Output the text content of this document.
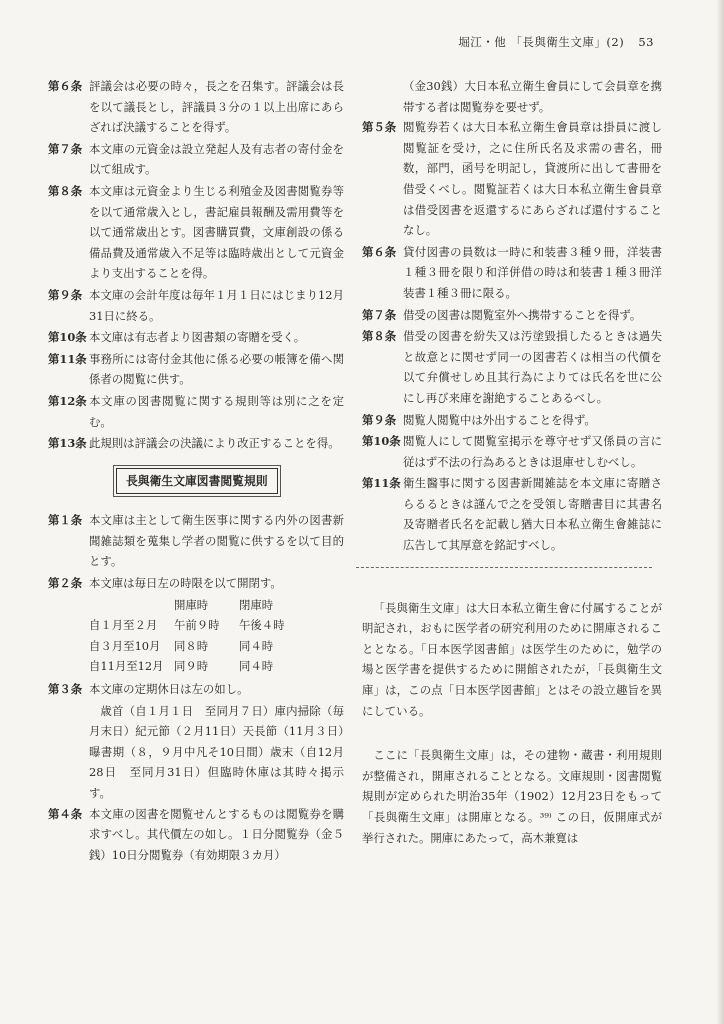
堀江・他 「長與衛生文庫」(2) 53
第６条 評議会は必要の時々，長之を召集す。評議会は長を以て議長とし，評議員３分の１以上出席にあらざれば決議することを得ず。
第７条 本文庫の元資金は設立発起人及有志者の寄付金を以て組成す。
第８条 本文庫は元資金より生じる利殖金及図書閲覧券等を以て通常歳入とし，書記雇員報酬及需用費等を以て通常歳出とす。図書購買費，文庫創設の係る備品費及通常歳入不足等は臨時歳出として元資金より支出することを得。
第９条 本文庫の会計年度は毎年１月１日にはじまり12月31日に終る。
第10条 本文庫は有志者より図書類の寄贈を受く。
第11条 事務所には寄付金其他に係る必要の帳簿を備へ関係者の閲覧に供す。
第12条 本文庫の図書閲覧に関する規則等は別に之を定む。
第13条 此規則は評議会の決議により改正することを得。
長與衛生文庫図書閲覧規則
第１条 本文庫は主として衛生医事に関する内外の図書新聞雑誌類を蒐集し学者の閲覧に供するを以て目的とす。
第２条 本文庫は毎日左の時限を以て開閉す。
	開庫時	閉庫時
自１月至２月	午前９時	午後４時
自３月至10月	同８時	同４時
自11月至12月	同９時	同４時
第３条 本文庫の定期休日は左の如し。
歳首（自１月１日　至同月７日）庫内掃除（毎月末日）紀元節（２月11日）天長節（11月３日）曝書期（８，９月中凡そ10日間）歳末（自12月28日　至同月31日）但臨時休庫は其時々掲示す。
第４条 本文庫の図書を閲覧せんとするものは閲覧券を購求すべし。其代價左の如し。１日分閲覧券（金５銭）10日分閲覧券（有効期限３カ月）
（金30銭）大日本私立衛生會員にして会員章を携帯する者は閲覧券を要せず。
第５条 閲覧券若くは大日本私立衛生會員章は掛員に渡し閲覧証を受け，之に住所氏名及求需の書名，冊数，部門，函号を明記し，貸渡所に出して書冊を借受くべし。閲覧証若くは大日本私立衛生會員章は借受図書を返還するにあらざれば還付することなし。
第６条 貸付図書の員数は一時に和装書３種９冊，洋装書１種３冊を限り和洋併借の時は和装書１種３冊洋装書１種３冊に限る。
第７条 借受の図書は閲覧室外へ携帯することを得ず。
第８条 借受の図書を紛失又は汚塗毀損したるときは過失と故意とに関せず同一の図書若くは相当の代價を以て弁償せしめ且其行為によりては氏名を世に公にし再び来庫を謝絶することあるべし。
第９条 閲覧人閲覧中は外出することを得ず。
第10条 閲覧人にして閲覧室掲示を尊守せず又係員の言に従はず不法の行為あるときは退庫せしむべし。
第11条 衛生醫事に関する図書新聞雑誌を本文庫に寄贈さらるるときは謹んで之を受領し寄贈書目に其書名及寄贈者氏名を記載し猶大日本私立衛生會雑誌に広告して其厚意を銘記すべし。
「長與衛生文庫」は大日本私立衛生會に付属することが明記され，おもに医学者の研究利用のために開庫されることとなる。「日本医学図書館」は医学生のために，勉学の場と医学書を提供するために開館されたが，「長與衛生文庫」は，この点「日本医学図書館」とはその設立趣旨を異にしている。
ここに「長與衛生文庫」は，その建物・蔵書・利用規則が整備され，開庫されることとなる。文庫規則・図書閲覧規則が定められた明治35年（1902）12月23日をもって「長與衛生文庫」は開庫となる。³⁹⁾ この日，仮開庫式が挙行された。開庫にあたって，高木兼寛は
